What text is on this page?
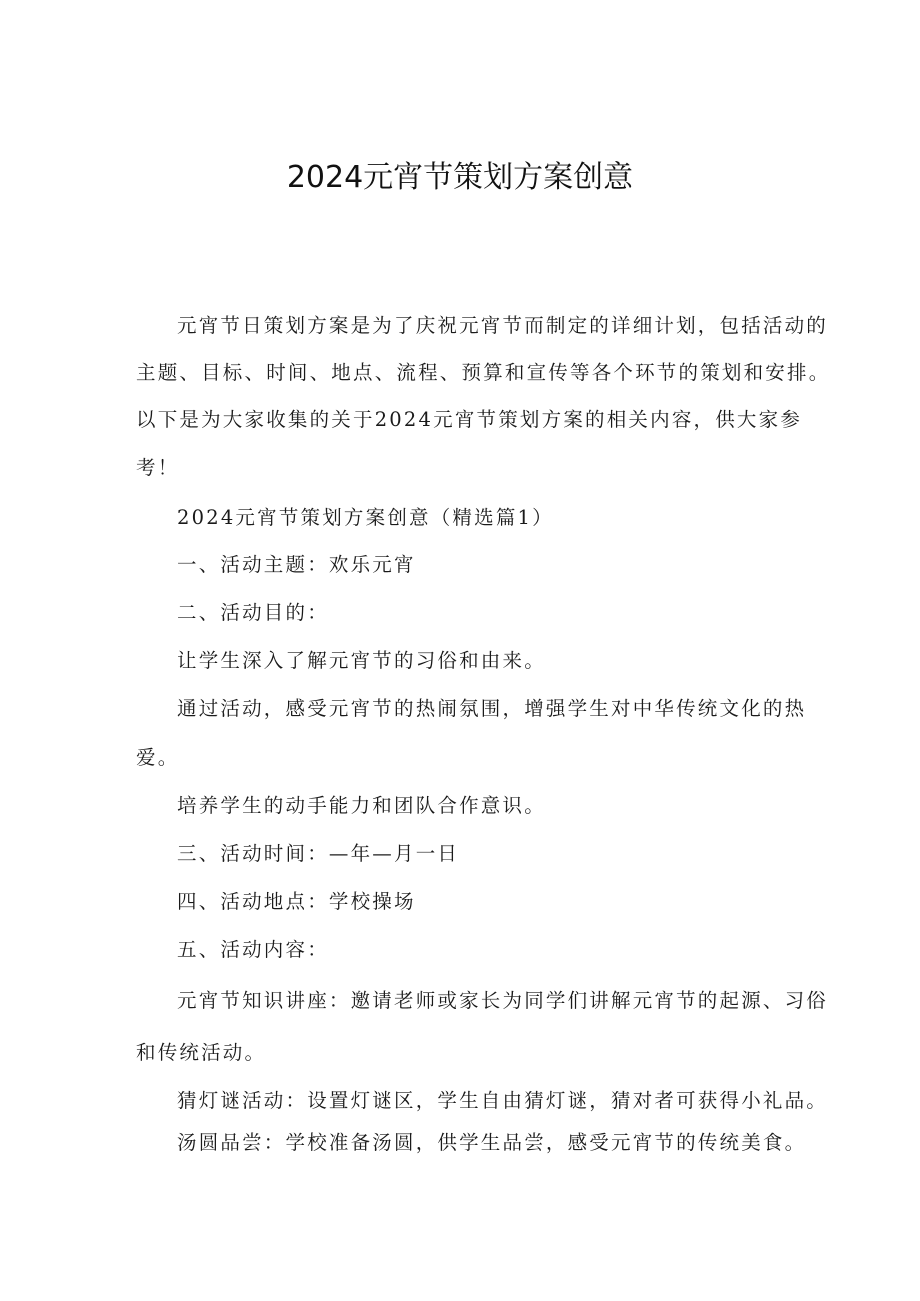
2024元宵节策划方案创意
元宵节日策划方案是为了庆祝元宵节而制定的详细计划，包括活动的
主题、目标、时间、地点、流程、预算和宣传等各个环节的策划和安排。
以下是为大家收集的关于2024元宵节策划方案的相关内容，供大家参
考！
2024元宵节策划方案创意（精选篇1）
一、活动主题：欢乐元宵
二、活动目的：
让学生深入了解元宵节的习俗和由来。
通过活动，感受元宵节的热闹氛围，增强学生对中华传统文化的热
爱。
培养学生的动手能力和团队合作意识。
三、活动时间：—年—月一日
四、活动地点：学校操场
五、活动内容：
元宵节知识讲座：邀请老师或家长为同学们讲解元宵节的起源、习俗
和传统活动。
猜灯谜活动：设置灯谜区，学生自由猜灯谜，猜对者可获得小礼品。
汤圆品尝：学校准备汤圆，供学生品尝，感受元宵节的传统美食。
